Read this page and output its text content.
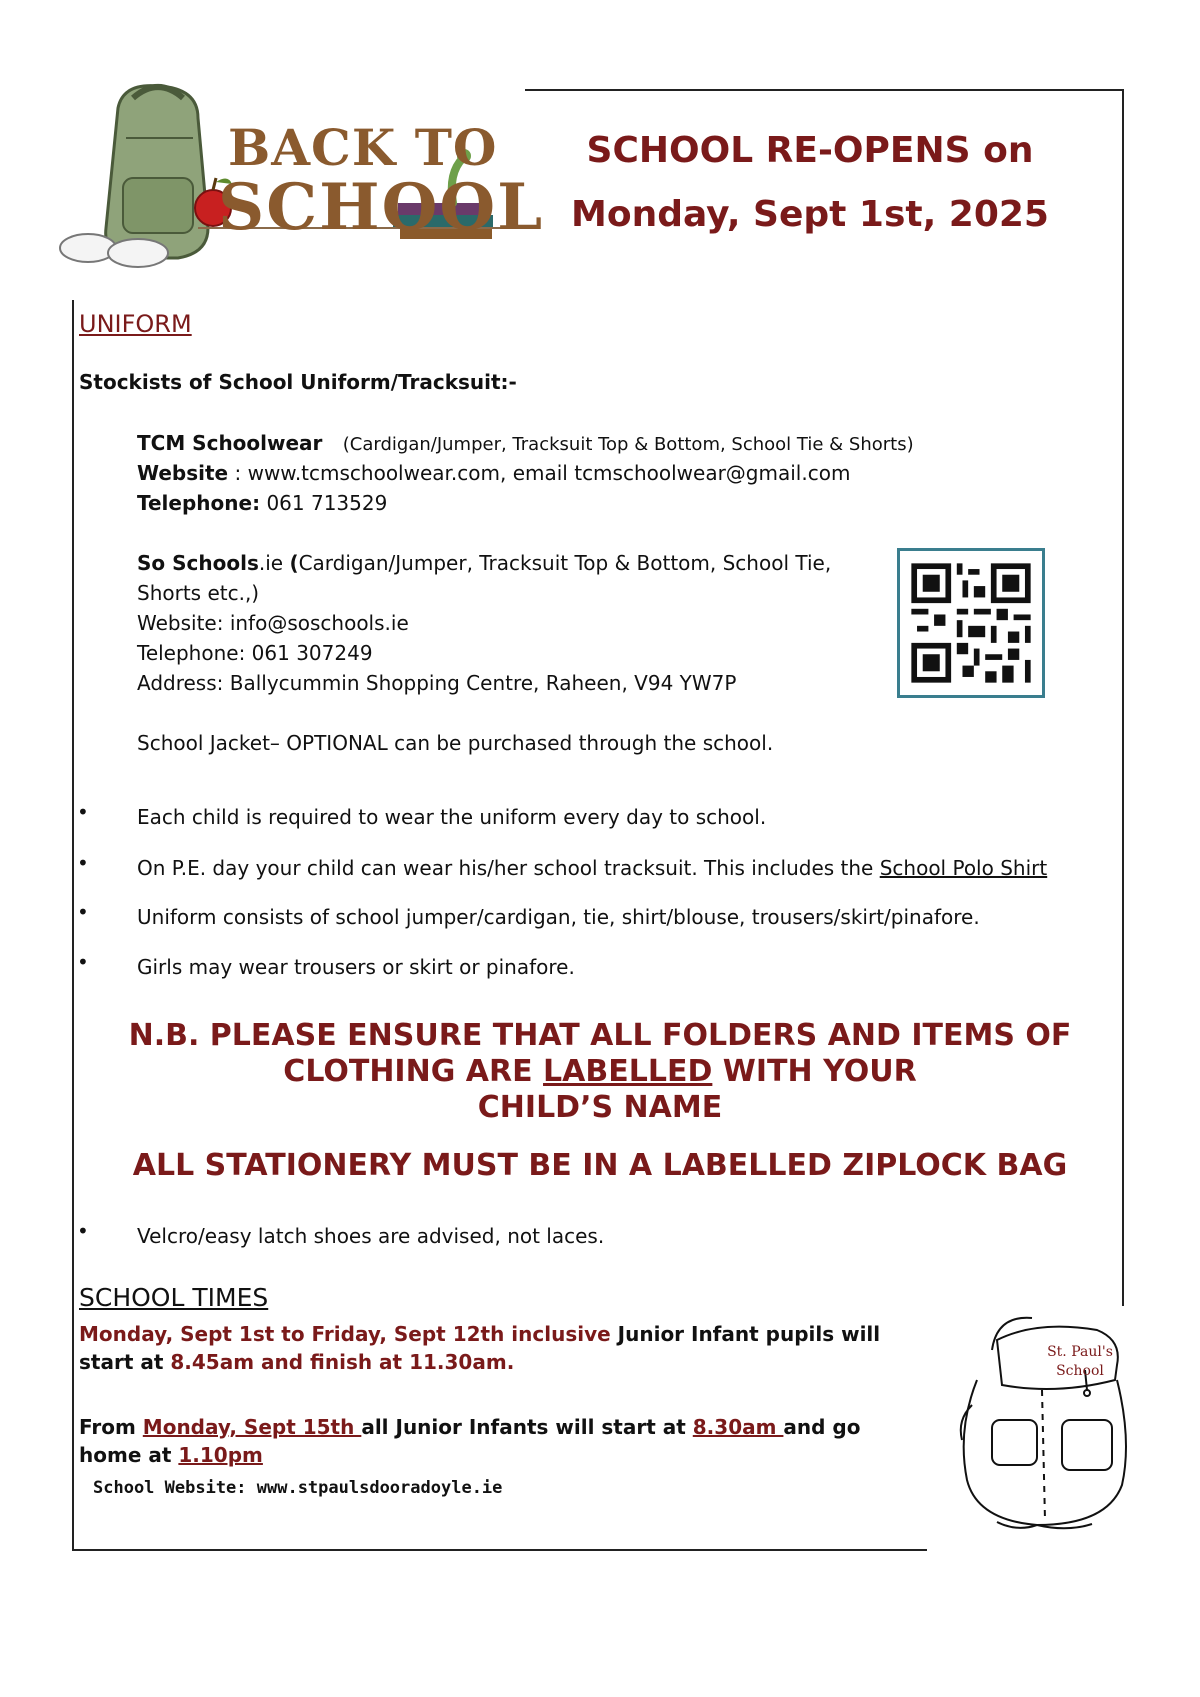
BACK TO
SCHOOL
SCHOOL RE-OPENS on
Monday, Sept 1st, 2025
UNIFORM
Stockists of School Uniform/Tracksuit:-
TCM Schoolwear (Cardigan/Jumper, Tracksuit Top & Bottom, School Tie & Shorts)
Website : www.tcmschoolwear.com, email tcmschoolwear@gmail.com
Telephone: 061 713529
So Schools.ie (Cardigan/Jumper, Tracksuit Top & Bottom, School Tie,
Shorts etc.,)
Website: info@soschools.ie
Telephone: 061 307249
Address: Ballycummin Shopping Centre, Raheen, V94 YW7P
School Jacket– OPTIONAL can be purchased through the school.
• Each child is required to wear the uniform every day to school.
• On P.E. day your child can wear his/her school tracksuit. This includes the School Polo Shirt
• Uniform consists of school jumper/cardigan, tie, shirt/blouse, trousers/skirt/pinafore.
• Girls may wear trousers or skirt or pinafore.
N.B. PLEASE ENSURE THAT ALL FOLDERS AND ITEMS OF
CLOTHING ARE LABELLED WITH YOUR
CHILD’S NAME
ALL STATIONERY MUST BE IN A LABELLED ZIPLOCK BAG
• Velcro/easy latch shoes are advised, not laces.
SCHOOL TIMES
Monday, Sept 1st to Friday, Sept 12th inclusive Junior Infant pupils will
start at 8.45am and finish at 11.30am.
From Monday, Sept 15th all Junior Infants will start at 8.30am and go
home at 1.10pm
School Website: www.stpaulsdooradoyle.ie
St. Paul's
School
